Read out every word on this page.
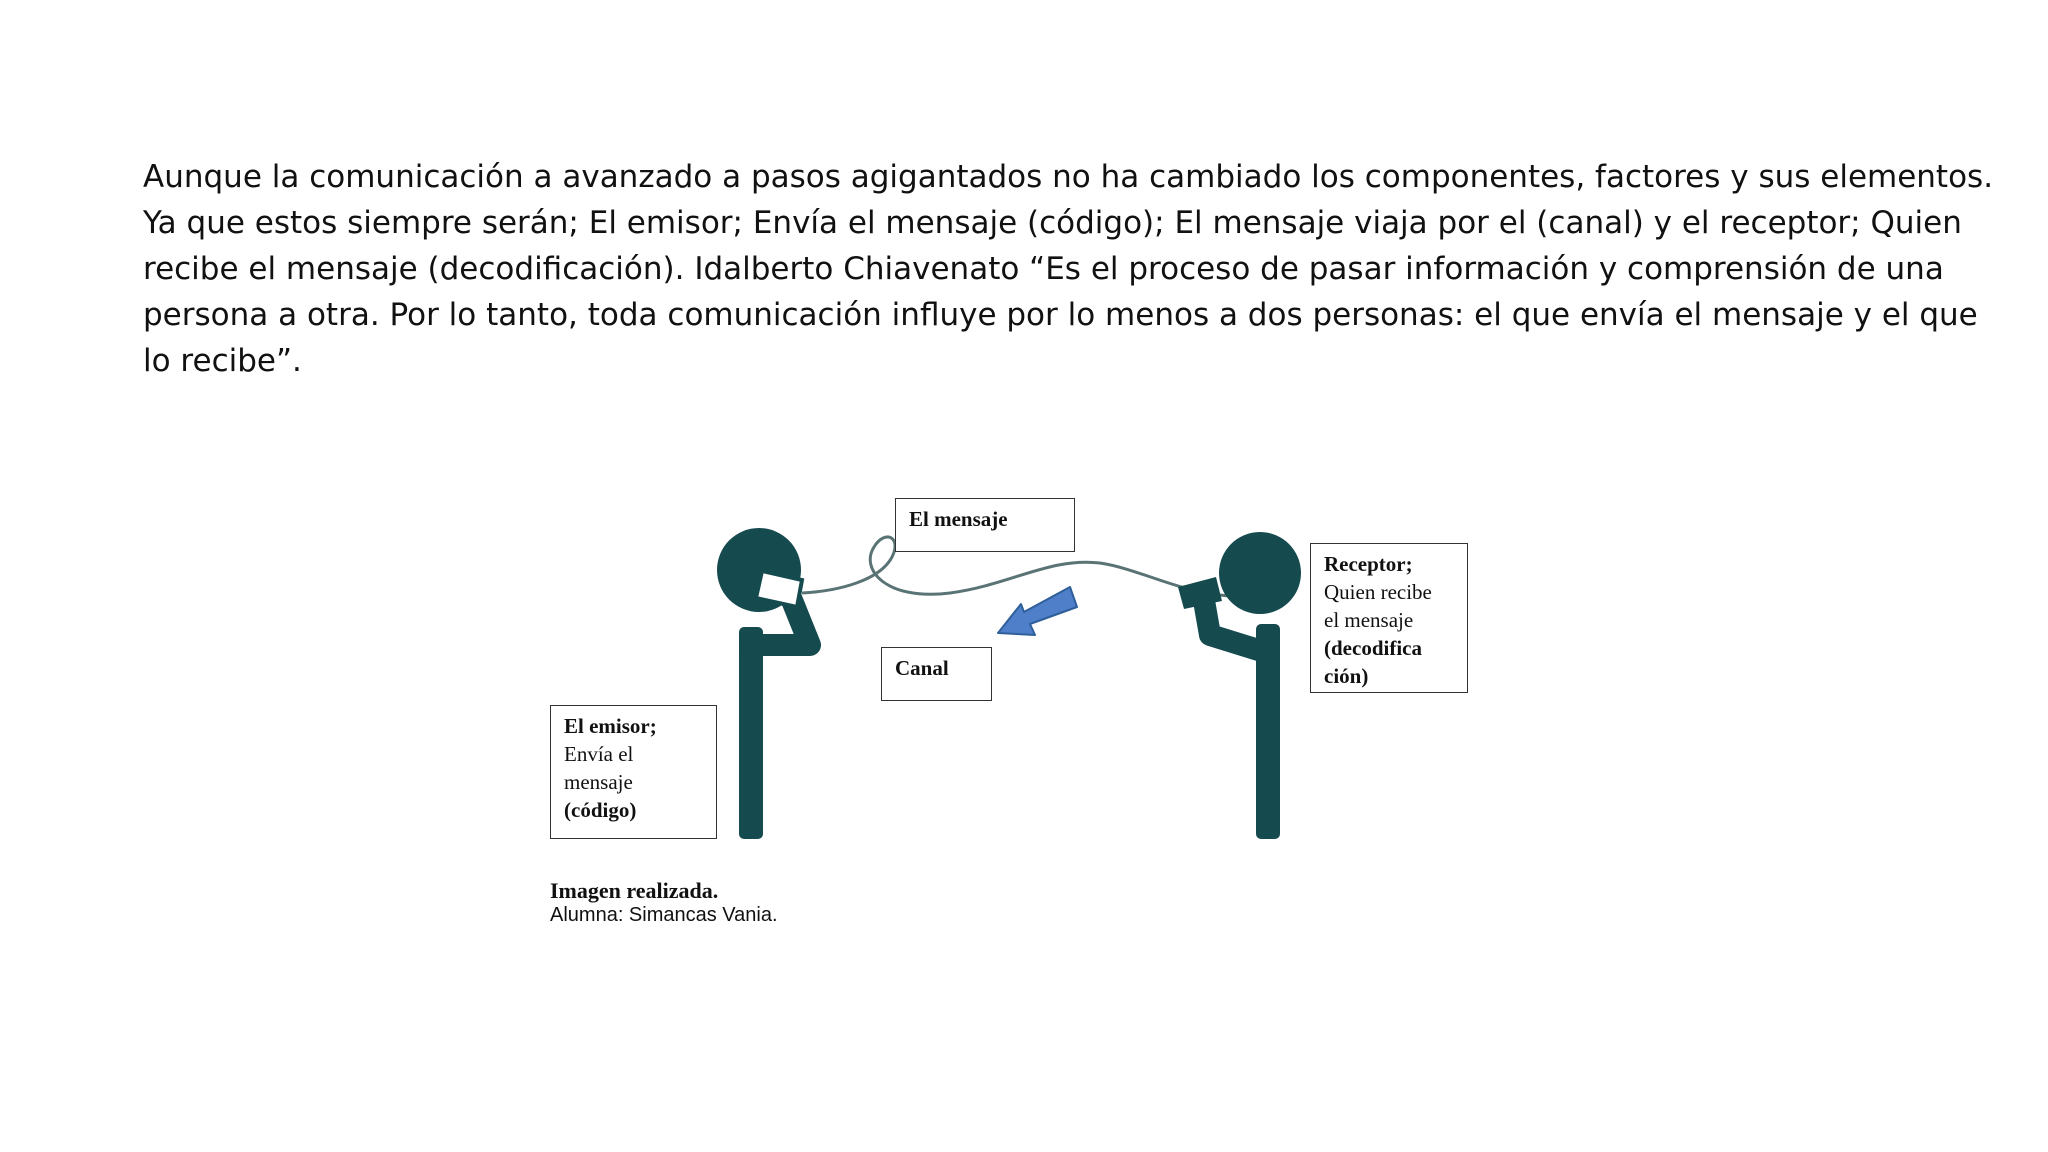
Aunque la comunicación a avanzado a pasos agigantados no ha cambiado los componentes, factores y sus elementos. Ya que estos siempre serán; El emisor; Envía el mensaje (código); El mensaje viaja por el (canal) y el receptor; Quien recibe el mensaje (decodificación). Idalberto Chiavenato “Es el proceso de pasar información y comprensión de una persona a otra. Por lo tanto, toda comunicación influye por lo menos a dos personas: el que envía el mensaje y el que lo recibe”.

El mensaje
Canal
El emisor;
Envía el
mensaje
(código)
Receptor;
Quien recibe
el mensaje
(decodifica
ción)
Imagen realizada.
Alumna: Simancas Vania.
